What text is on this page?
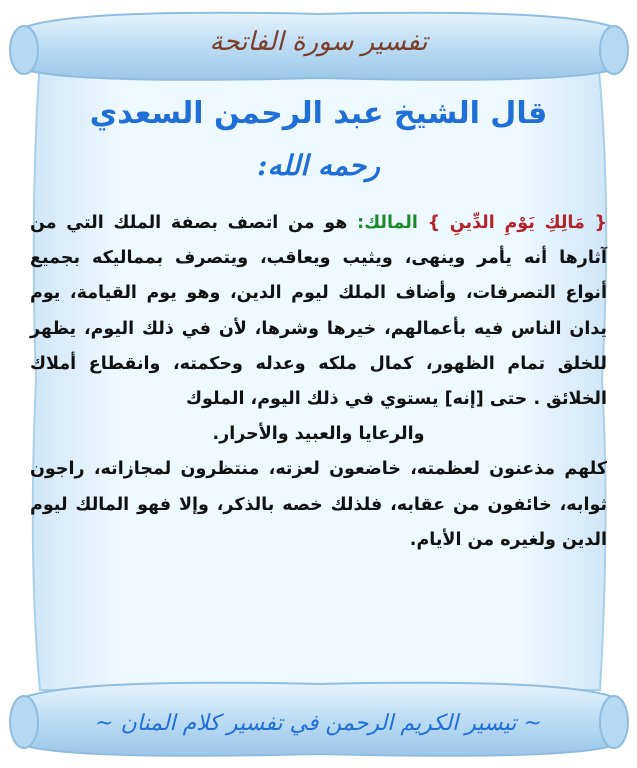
تفسير سورة الفاتحة
قال الشيخ عبد الرحمن السعدي
رحمه الله:

{ مَالِكِ يَوْمِ الدِّينِ } المالك: هو من اتصف بصفة الملك التي من آثارها أنه يأمر وينهى، ويثيب ويعاقب، ويتصرف بمماليكه بجميع أنواع التصرفات، وأضاف الملك ليوم الدين، وهو يوم القيامة، يوم يدان الناس فيه بأعمالهم، خيرها وشرها، لأن في ذلك اليوم، يظهر للخلق تمام الظهور، كمال ملكه وعدله وحكمته، وانقطاع أملاك الخلائق . حتى [إنه] يستوي في ذلك اليوم، الملوك

والرعايا والعبيد والأحرار.

كلهم مذعنون لعظمته، خاضعون لعزته، منتظرون لمجازاته، راجون ثوابه، خائفون من عقابه، فلذلك خصه بالذكر، وإلا فهو المالك ليوم الدين ولغيره من الأيام.

~ تيسير الكريم الرحمن في تفسير كلام المنان ~
